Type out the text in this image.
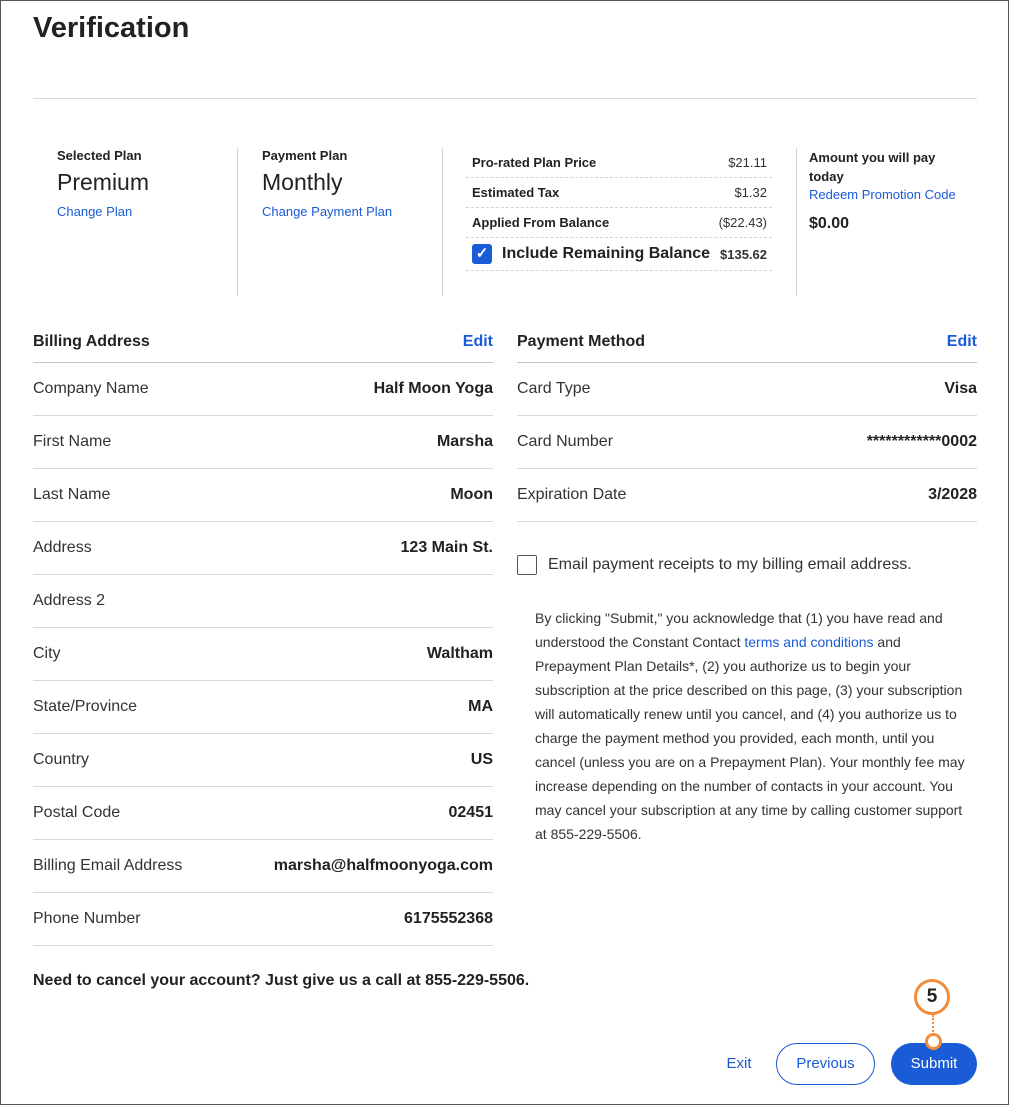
Verification
Selected Plan
Premium
Change Plan
Payment Plan
Monthly
Change Payment Plan
Pro-rated Plan Price	$21.11
Estimated Tax	$1.32
Applied From Balance	($22.43)
✓ Include Remaining Balance $135.62
Amount you will pay today
Redeem Promotion Code
$0.00
Billing Address	Edit
Company Name	Half Moon Yoga
First Name	Marsha
Last Name	Moon
Address	123 Main St.
Address 2
City	Waltham
State/Province	MA
Country	US
Postal Code	02451
Billing Email Address	marsha@halfmoonyoga.com
Phone Number	6175552368
Payment Method	Edit
Card Type	Visa
Card Number	************0002
Expiration Date	3/2028
Email payment receipts to my billing email address.
By clicking "Submit," you acknowledge that (1) you have read and understood the Constant Contact terms and conditions and Prepayment Plan Details*, (2) you authorize us to begin your subscription at the price described on this page, (3) your subscription will automatically renew until you cancel, and (4) you authorize us to charge the payment method you provided, each month, until you cancel (unless you are on a Prepayment Plan). Your monthly fee may increase depending on the number of contacts in your account. You may cancel your subscription at any time by calling customer support at 855-229-5506.
Need to cancel your account? Just give us a call at 855-229-5506.
Exit	Previous	Submit
5
